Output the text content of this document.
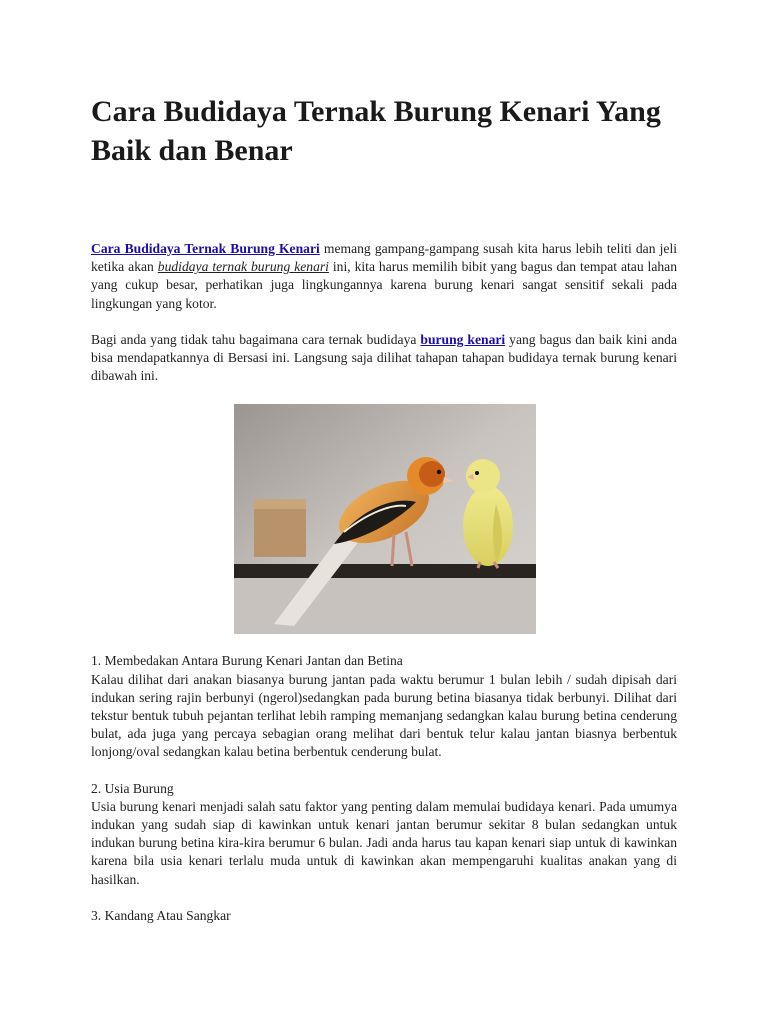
Cara Budidaya Ternak Burung Kenari Yang Baik dan Benar

Cara Budidaya Ternak Burung Kenari memang gampang-gampang susah kita harus lebih teliti dan jeli ketika akan budidaya ternak burung kenari ini, kita harus memilih bibit yang bagus dan tempat atau lahan yang cukup besar, perhatikan juga lingkungannya karena burung kenari sangat sensitif sekali pada lingkungan yang kotor.

Bagi anda yang tidak tahu bagaimana cara ternak budidaya burung kenari yang bagus dan baik kini anda bisa mendapatkannya di Bersasi ini. Langsung saja dilihat tahapan tahapan budidaya ternak burung kenari dibawah ini.

1. Membedakan Antara Burung Kenari Jantan dan Betina

Kalau dilihat dari anakan biasanya burung jantan pada waktu berumur 1 bulan lebih / sudah dipisah dari indukan sering rajin berbunyi (ngerol)sedangkan pada burung betina biasanya tidak berbunyi. Dilihat dari tekstur bentuk tubuh pejantan terlihat lebih ramping memanjang sedangkan kalau burung betina cenderung bulat, ada juga yang percaya sebagian orang melihat dari bentuk telur kalau jantan biasnya berbentuk lonjong/oval sedangkan kalau betina berbentuk cenderung bulat.

2. Usia Burung

Usia burung kenari menjadi salah satu faktor yang penting dalam memulai budidaya kenari. Pada umumya indukan yang sudah siap di kawinkan untuk kenari jantan berumur sekitar 8 bulan sedangkan untuk indukan burung betina kira-kira berumur 6 bulan. Jadi anda harus tau kapan kenari siap untuk di kawinkan karena bila usia kenari terlalu muda untuk di kawinkan akan mempengaruhi kualitas anakan yang di hasilkan.

3. Kandang Atau Sangkar
